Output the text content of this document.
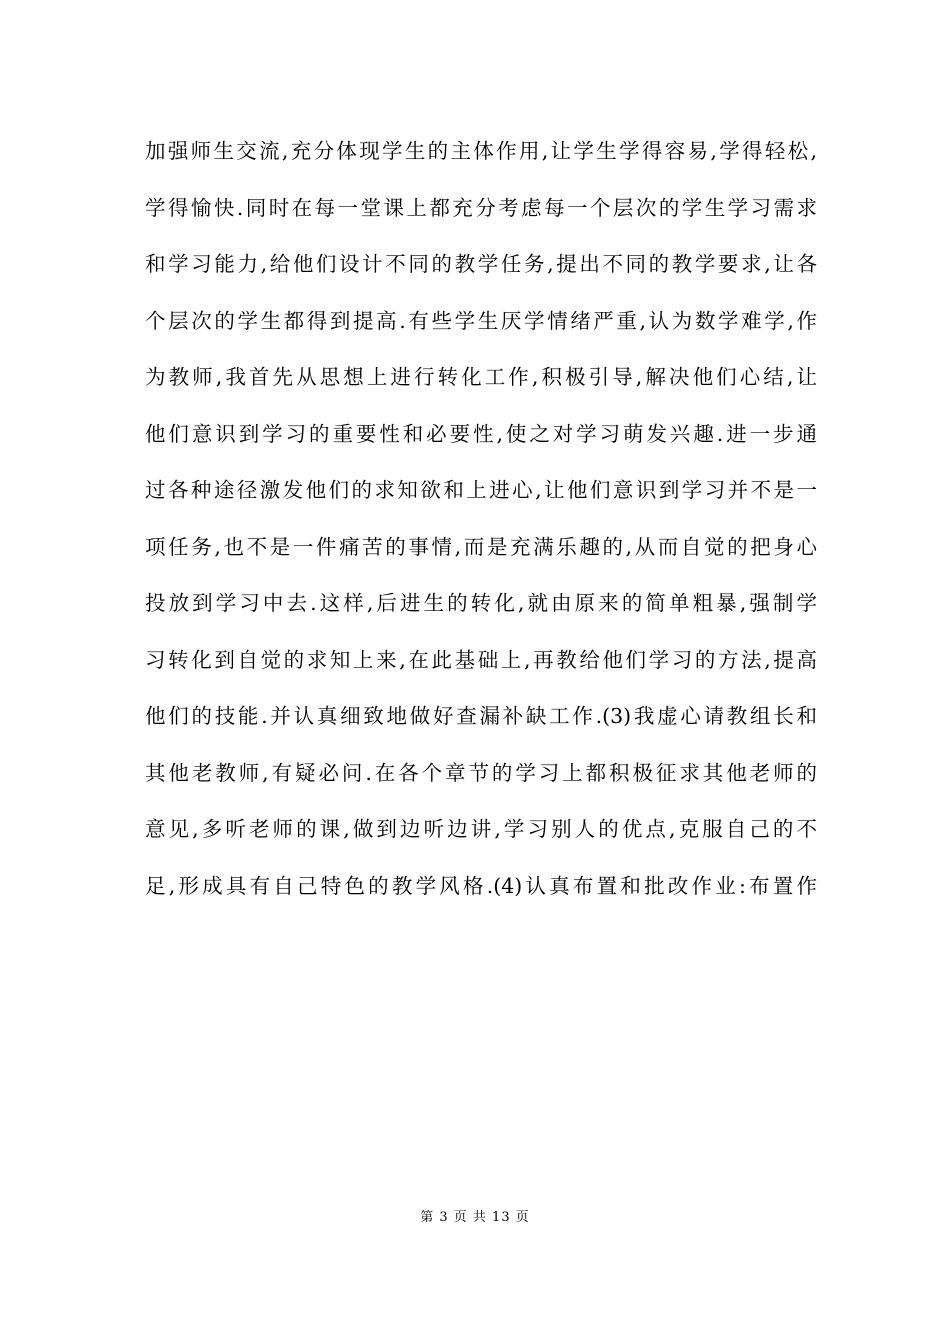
加强师生交流,充分体现学生的主体作用,让学生学得容易,学得轻松,
学得愉快.同时在每一堂课上都充分考虑每一个层次的学生学习需求
和学习能力,给他们设计不同的教学任务,提出不同的教学要求,让各
个层次的学生都得到提高.有些学生厌学情绪严重,认为数学难学,作
为教师,我首先从思想上进行转化工作,积极引导,解决他们心结,让
他们意识到学习的重要性和必要性,使之对学习萌发兴趣.进一步通
过各种途径激发他们的求知欲和上进心,让他们意识到学习并不是一
项任务,也不是一件痛苦的事情,而是充满乐趣的,从而自觉的把身心
投放到学习中去.这样,后进生的转化,就由原来的简单粗暴,强制学
习转化到自觉的求知上来,在此基础上,再教给他们学习的方法,提高
他们的技能.并认真细致地做好查漏补缺工作.(3)我虚心请教组长和
其他老教师,有疑必问.在各个章节的学习上都积极征求其他老师的
意见,多听老师的课,做到边听边讲,学习别人的优点,克服自己的不
足,形成具有自己特色的教学风格.(4)认真布置和批改作业:布置作
第 3 页 共 13 页
